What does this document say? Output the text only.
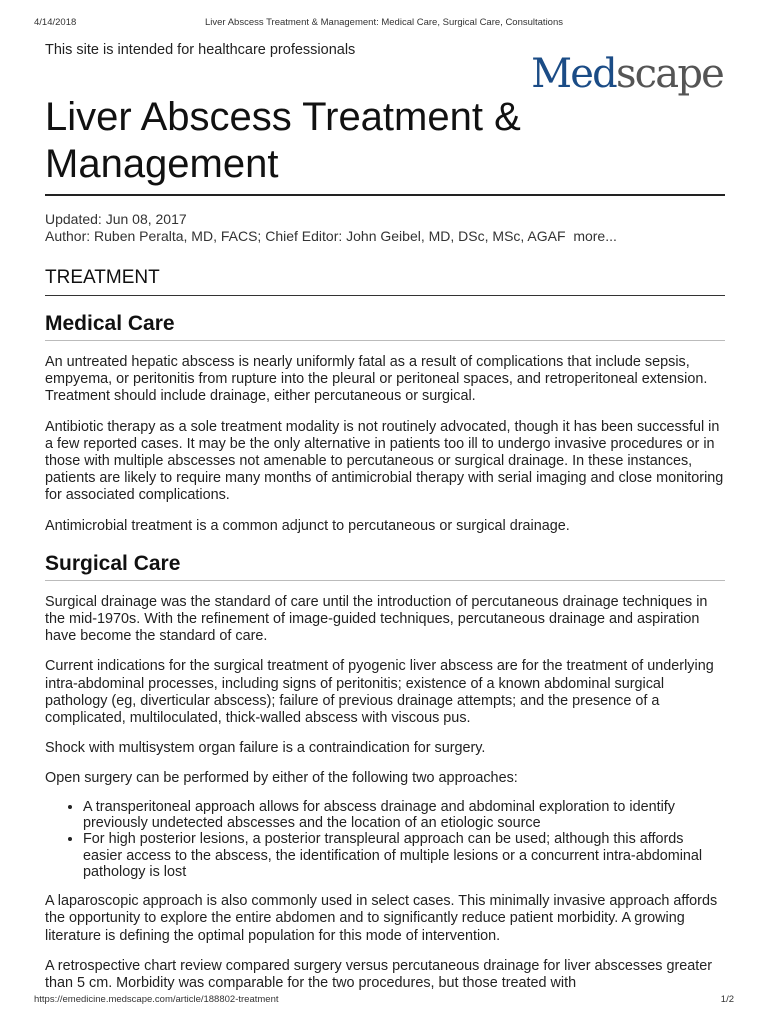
4/14/2018	Liver Abscess Treatment & Management: Medical Care, Surgical Care, Consultations
This site is intended for healthcare professionals
Medscape
Liver Abscess Treatment & Management
Updated: Jun 08, 2017
Author: Ruben Peralta, MD, FACS; Chief Editor: John Geibel, MD, DSc, MSc, AGAF more...
TREATMENT
Medical Care

An untreated hepatic abscess is nearly uniformly fatal as a result of complications that include sepsis, empyema, or peritonitis from rupture into the pleural or peritoneal spaces, and retroperitoneal extension. Treatment should include drainage, either percutaneous or surgical.

Antibiotic therapy as a sole treatment modality is not routinely advocated, though it has been successful in a few reported cases. It may be the only alternative in patients too ill to undergo invasive procedures or in those with multiple abscesses not amenable to percutaneous or surgical drainage. In these instances, patients are likely to require many months of antimicrobial therapy with serial imaging and close monitoring for associated complications.

Antimicrobial treatment is a common adjunct to percutaneous or surgical drainage.

Surgical Care

Surgical drainage was the standard of care until the introduction of percutaneous drainage techniques in the mid-1970s. With the refinement of image-guided techniques, percutaneous drainage and aspiration have become the standard of care.

Current indications for the surgical treatment of pyogenic liver abscess are for the treatment of underlying intra-abdominal processes, including signs of peritonitis; existence of a known abdominal surgical pathology (eg, diverticular abscess); failure of previous drainage attempts; and the presence of a complicated, multiloculated, thick-walled abscess with viscous pus.

Shock with multisystem organ failure is a contraindication for surgery.

Open surgery can be performed by either of the following two approaches:

• A transperitoneal approach allows for abscess drainage and abdominal exploration to identify previously undetected abscesses and the location of an etiologic source
• For high posterior lesions, a posterior transpleural approach can be used; although this affords easier access to the abscess, the identification of multiple lesions or a concurrent intra-abdominal pathology is lost

A laparoscopic approach is also commonly used in select cases. This minimally invasive approach affords the opportunity to explore the entire abdomen and to significantly reduce patient morbidity. A growing literature is defining the optimal population for this mode of intervention.

A retrospective chart review compared surgery versus percutaneous drainage for liver abscesses greater than 5 cm. Morbidity was comparable for the two procedures, but those treated with

https://emedicine.medscape.com/article/188802-treatment	1/2
